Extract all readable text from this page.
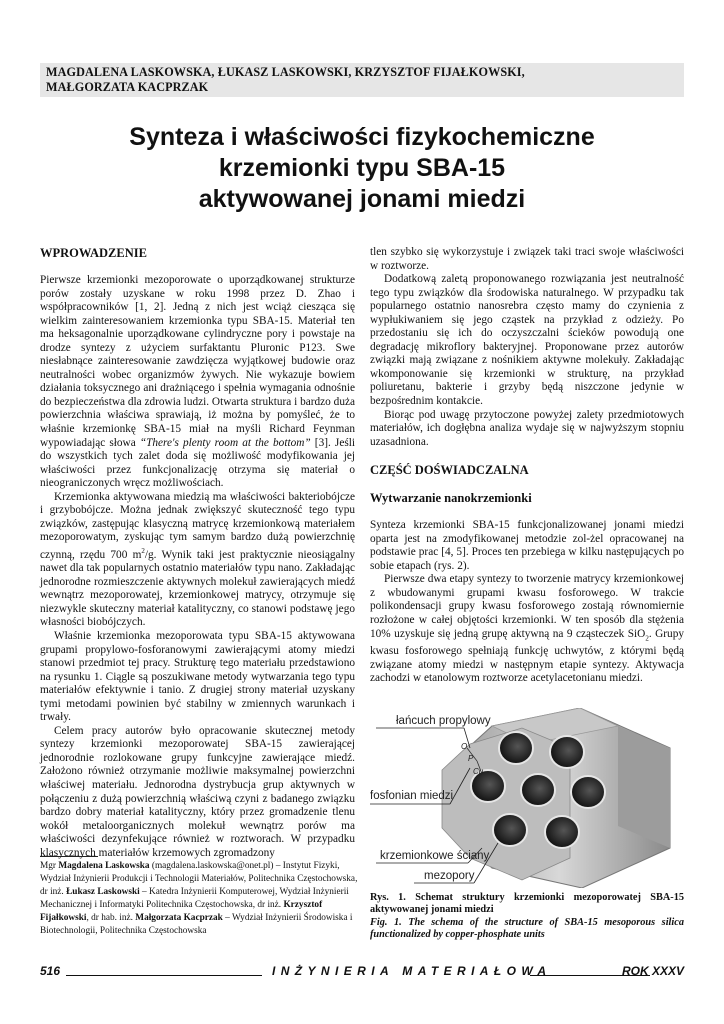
MAGDALENA LASKOWSKA, ŁUKASZ LASKOWSKI, KRZYSZTOF FIJAŁKOWSKI,
MAŁGORZATA KACPRZAK
Synteza i właściwości fizykochemiczne
krzemionki typu SBA-15
aktywowanej jonami miedzi
WPROWADZENIE

Pierwsze krzemionki mezoporowate o uporządkowanej strukturze porów zostały uzyskane w roku 1998 przez D. Zhao i współpracowników [1, 2]. Jedną z nich jest wciąż ciesząca się wielkim zainteresowaniem krzemionka typu SBA-15. Materiał ten ma heksagonalnie uporządkowane cylindryczne pory i powstaje na drodze syntezy z użyciem surfaktantu Pluronic P123. Swe niesłabnące zainteresowanie zawdzięcza wyjątkowej budowie oraz neutralności wobec organizmów żywych. Nie wykazuje bowiem działania toksycznego ani drażniącego i spełnia wymagania odnośnie do bezpieczeństwa dla zdrowia ludzi. Otwarta struktura i bardzo duża powierzchnia właściwa sprawiają, iż można by pomyśleć, że to właśnie krzemionkę SBA-15 miał na myśli Richard Feynman wypowiadając słowa “There's plenty room at the bottom” [3]. Jeśli do wszystkich tych zalet doda się możliwość modyfikowania jej właściwości przez funkcjonalizację otrzyma się materiał o nieograniczonych wręcz możliwościach.

Krzemionka aktywowana miedzią ma właściwości bakteriobójcze i grzybobójcze. Można jednak zwiększyć skuteczność tego typu związków, zastępując klasyczną matrycę krzemionkową materiałem mezoporowatym, zyskując tym samym bardzo dużą powierzchnię czynną, rzędu 700 $m^2/g$. Wynik taki jest praktycznie nieosiągalny nawet dla tak popularnych ostatnio materiałów typu nano. Zakładając jednorodne rozmieszczenie aktywnych molekuł zawierających miedź wewnątrz mezoporowatej, krzemionkowej matrycy, otrzymuje się niezwykle skuteczny materiał katalityczny, co stanowi podstawę jego własności biobójczych.

Właśnie krzemionka mezoporowata typu SBA-15 aktywowana grupami propylowo-fosforanowymi zawierającymi atomy miedzi stanowi przedmiot tej pracy. Strukturę tego materiału przedstawiono na rysunku 1. Ciągle są poszukiwane metody wytwarzania tego typu materiałów efektywnie i tanio. Z drugiej strony materiał uzyskany tymi metodami powinien być stabilny w zmiennych warunkach i trwały.

Celem pracy autorów było opracowanie skutecznej metody syntezy krzemionki mezoporowatej SBA-15 zawierającej jednorodnie rozlokowane grupy funkcyjne zawierające miedź. Założono również otrzymanie możliwie maksymalnej powierzchni właściwej materiału. Jednorodna dystrybucja grup aktywnych w połączeniu z dużą powierzchnią właściwą czyni z badanego związku bardzo dobry materiał katalityczny, który przez gromadzenie tlenu wokół metaloorganicznych molekuł wewnątrz porów ma właściwości dezynfekujące również w roztworach. W przypadku klasycznych materiałów krzemowych zgromadzony

tlen szybko się wykorzystuje i związek taki traci swoje właściwości w roztworze.

Dodatkową zaletą proponowanego rozwiązania jest neutralność tego typu związków dla środowiska naturalnego. W przypadku tak popularnego ostatnio nanosrebra często mamy do czynienia z wypłukiwaniem się jego cząstek na przykład z odzieży. Po przedostaniu się ich do oczyszczalni ścieków powodują one degradację mikroflory bakteryjnej. Proponowane przez autorów związki mają związane z nośnikiem aktywne molekuły. Zakładając wkomponowanie się krzemionki w strukturę, na przykład poliuretanu, bakterie i grzyby będą niszczone jedynie w bezpośrednim kontakcie.

Biorąc pod uwagę przytoczone powyżej zalety przedmiotowych materiałów, ich dogłębna analiza wydaje się w najwyższym stopniu uzasadniona.

CZĘŚĆ DOŚWIADCZALNA
Wytwarzanie nanokrzemionki

Synteza krzemionki SBA-15 funkcjonalizowanej jonami miedzi oparta jest na zmodyfikowanej metodzie zol-żel opracowanej na podstawie prac [4, 5]. Proces ten przebiega w kilku następujących po sobie etapach (rys. 2).

Pierwsze dwa etapy syntezy to tworzenie matrycy krzemionkowej z wbudowanymi grupami kwasu fosforowego. W trakcie polikondensacji grupy kwasu fosforowego zostają równomiernie rozłożone w całej objętości krzemionki. W ten sposób dla stężenia 10% uzyskuje się jedną grupę aktywną na 9 cząsteczek SiO$_2$. Grupy kwasu fosforowego spełniają funkcję uchwytów, z którymi będą związane atomy miedzi w następnym etapie syntezy. Aktywacja zachodzi w etanolowym roztworze acetylacetonianu miedzi.

O
P
Cu
łańcuch propylowy
fosfonian miedzi
krzemionkowe ściany
mezopory
Rys. 1. Schemat struktury krzemionki mezoporowatej SBA-15 aktywowanej jonami miedzi
Fig. 1. The schema of the structure of SBA-15 mesoporous silica functionalized by copper-phosphate units
Mgr Magdalena Laskowska (magdalena.laskowska@onet.pl) – Instytut Fizyki, Wydział Inżynierii Produkcji i Technologii Materiałów, Politechnika Częstochowska, dr inż. Łukasz Laskowski – Katedra Inżynierii Komputerowej, Wydział Inżynierii Mechanicznej i Informatyki Politechnika Częstochowska, dr inż. Krzysztof Fijałkowski, dr hab. inż. Małgorzata Kacprzak – Wydział Inżynierii Środowiska i Biotechnologii, Politechnika Częstochowska
516	INŻYNIERIA MATERIAŁOWA	ROK XXXV
